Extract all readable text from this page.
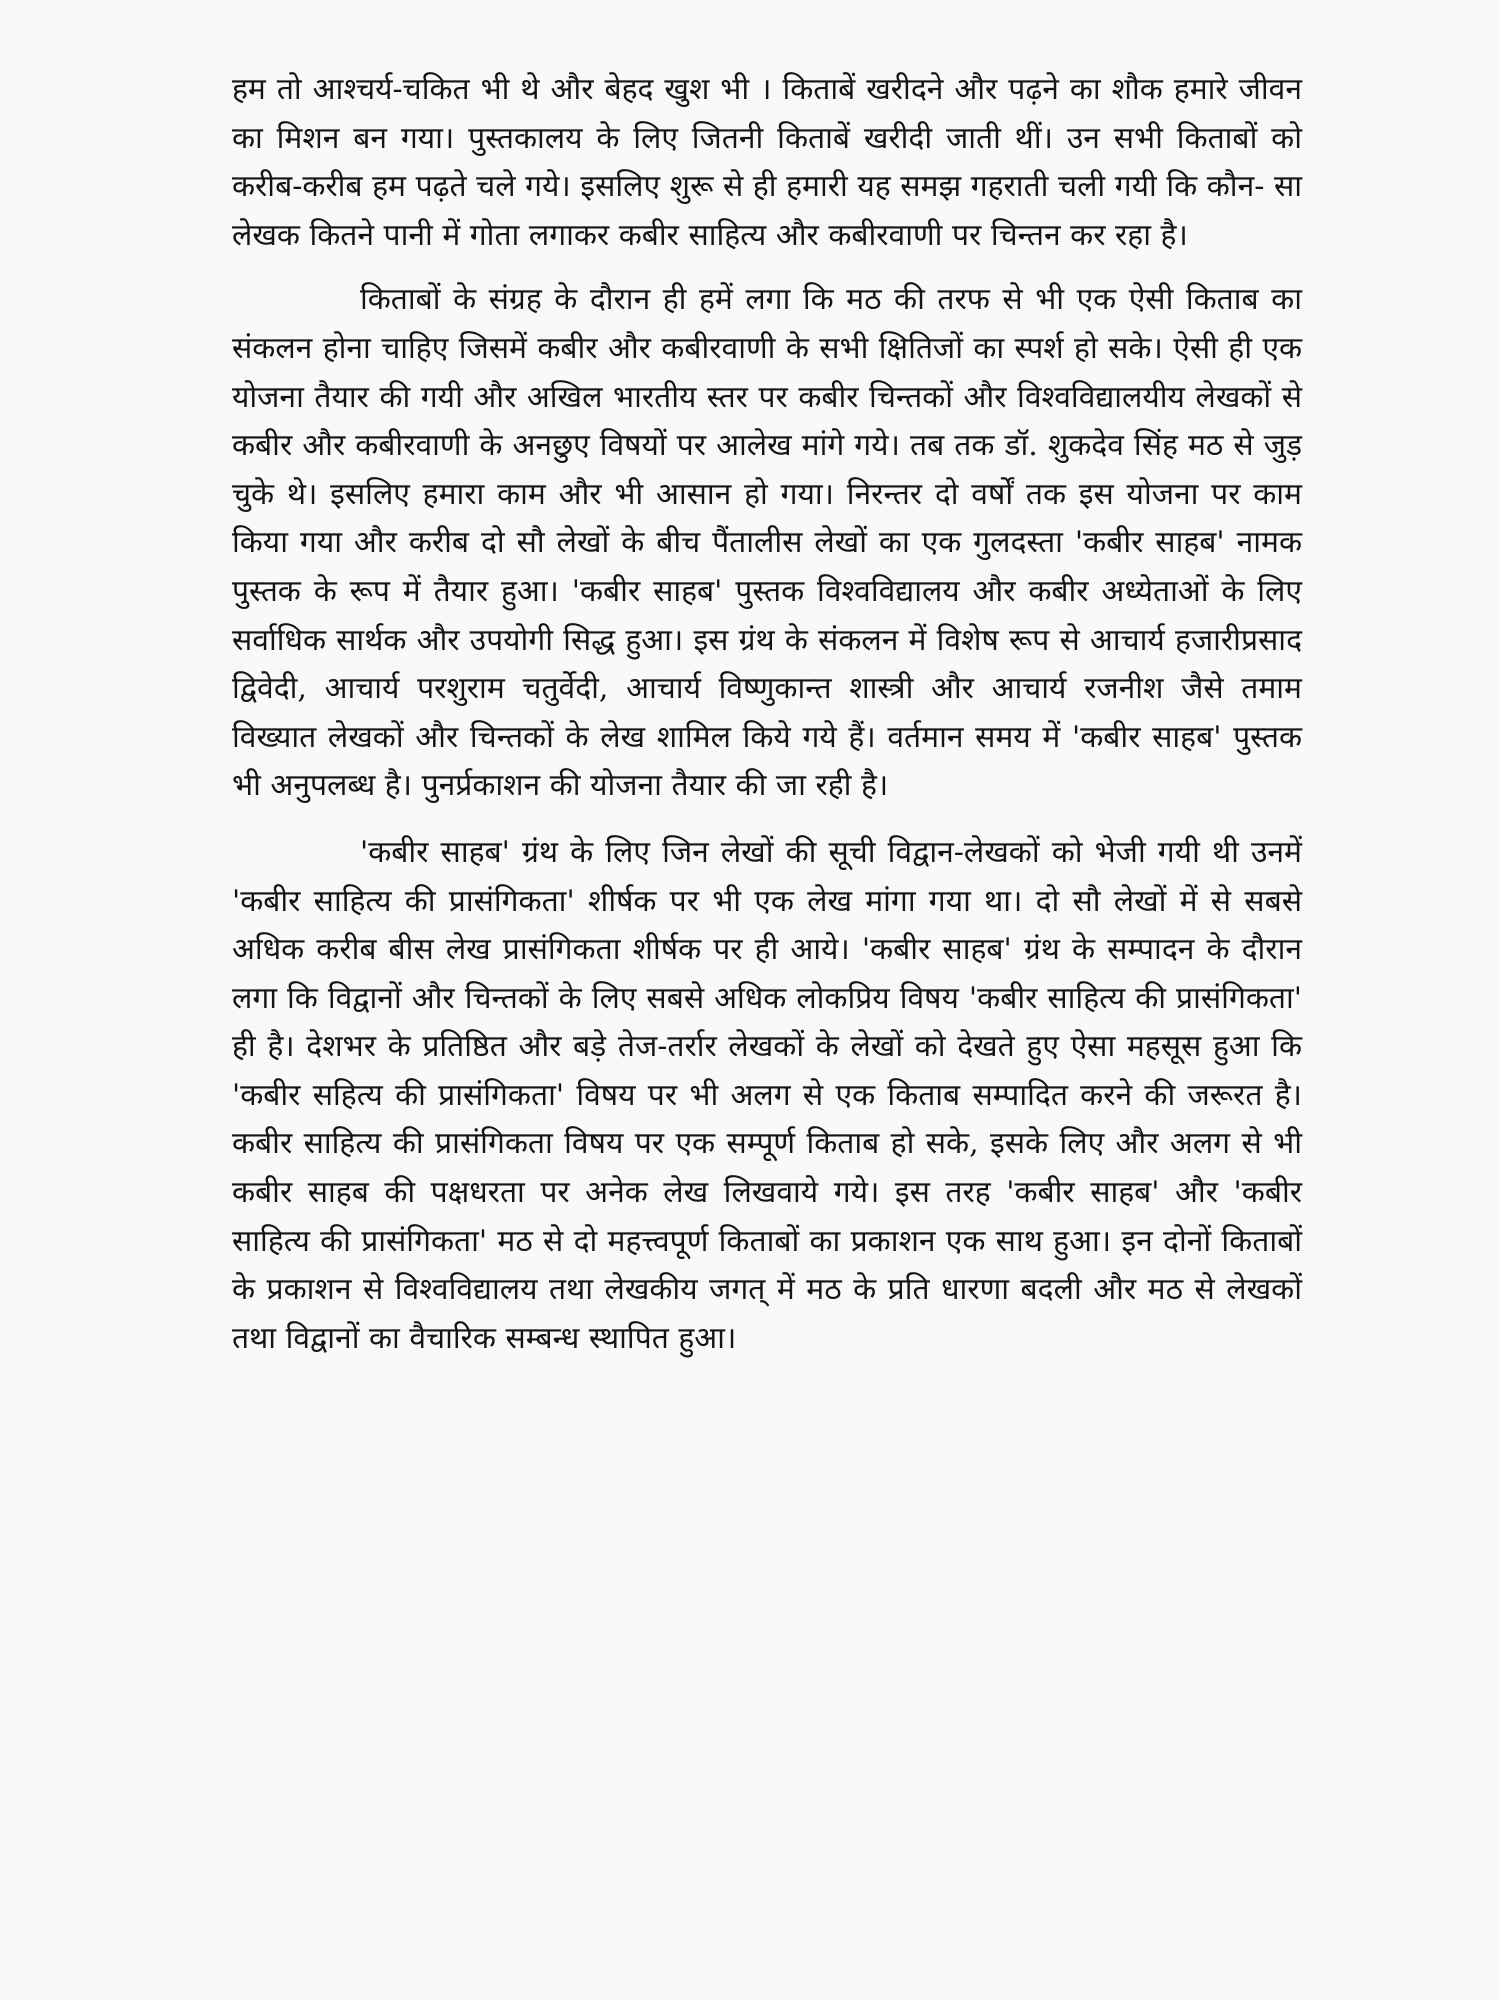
हम तो आश्चर्य-चकित भी थे और बेहद खुश भी । किताबें खरीदने और पढ़ने का शौक हमारे जीवन का मिशन बन गया। पुस्तकालय के लिए जितनी किताबें खरीदी जाती थीं। उन सभी किताबों को करीब-करीब हम पढ़ते चले गये। इसलिए शुरू से ही हमारी यह समझ गहराती चली गयी कि कौन- सा लेखक कितने पानी में गोता लगाकर कबीर साहित्य और कबीरवाणी पर चिन्तन कर रहा है।

किताबों के संग्रह के दौरान ही हमें लगा कि मठ की तरफ से भी एक ऐसी किताब का संकलन होना चाहिए जिसमें कबीर और कबीरवाणी के सभी क्षितिजों का स्पर्श हो सके। ऐसी ही एक योजना तैयार की गयी और अखिल भारतीय स्तर पर कबीर चिन्तकों और विश्वविद्यालयीय लेखकों से कबीर और कबीरवाणी के अनछुए विषयों पर आलेख मांगे गये। तब तक डॉ. शुकदेव सिंह मठ से जुड़ चुके थे। इसलिए हमारा काम और भी आसान हो गया। निरन्तर दो वर्षों तक इस योजना पर काम किया गया और करीब दो सौ लेखों के बीच पैंतालीस लेखों का एक गुलदस्ता 'कबीर साहब' नामक पुस्तक के रूप में तैयार हुआ। 'कबीर साहब' पुस्तक विश्वविद्यालय और कबीर अध्येताओं के लिए सर्वाधिक सार्थक और उपयोगी सिद्ध हुआ। इस ग्रंथ के संकलन में विशेष रूप से आचार्य हजारीप्रसाद द्विवेदी, आचार्य परशुराम चतुर्वेदी, आचार्य विष्णुकान्त शास्त्री और आचार्य रजनीश जैसे तमाम विख्यात लेखकों और चिन्तकों के लेख शामिल किये गये हैं। वर्तमान समय में 'कबीर साहब' पुस्तक भी अनुपलब्ध है। पुनर्प्रकाशन की योजना तैयार की जा रही है।

'कबीर साहब' ग्रंथ के लिए जिन लेखों की सूची विद्वान-लेखकों को भेजी गयी थी उनमें 'कबीर साहित्य की प्रासंगिकता' शीर्षक पर भी एक लेख मांगा गया था। दो सौ लेखों में से सबसे अधिक करीब बीस लेख प्रासंगिकता शीर्षक पर ही आये। 'कबीर साहब' ग्रंथ के सम्पादन के दौरान लगा कि विद्वानों और चिन्तकों के लिए सबसे अधिक लोकप्रिय विषय 'कबीर साहित्य की प्रासंगिकता' ही है। देशभर के प्रतिष्ठित और बड़े तेज-तर्रार लेखकों के लेखों को देखते हुए ऐसा महसूस हुआ कि 'कबीर सहित्य की प्रासंगिकता' विषय पर भी अलग से एक किताब सम्पादित करने की जरूरत है। कबीर साहित्य की प्रासंगिकता विषय पर एक सम्पूर्ण किताब हो सके, इसके लिए और अलग से भी कबीर साहब की पक्षधरता पर अनेक लेख लिखवाये गये। इस तरह 'कबीर साहब' और 'कबीर साहित्य की प्रासंगिकता' मठ से दो महत्त्वपूर्ण किताबों का प्रकाशन एक साथ हुआ। इन दोनों किताबों के प्रकाशन से विश्वविद्यालय तथा लेखकीय जगत् में मठ के प्रति धारणा बदली और मठ से लेखकों तथा विद्वानों का वैचारिक सम्बन्ध स्थापित हुआ।
